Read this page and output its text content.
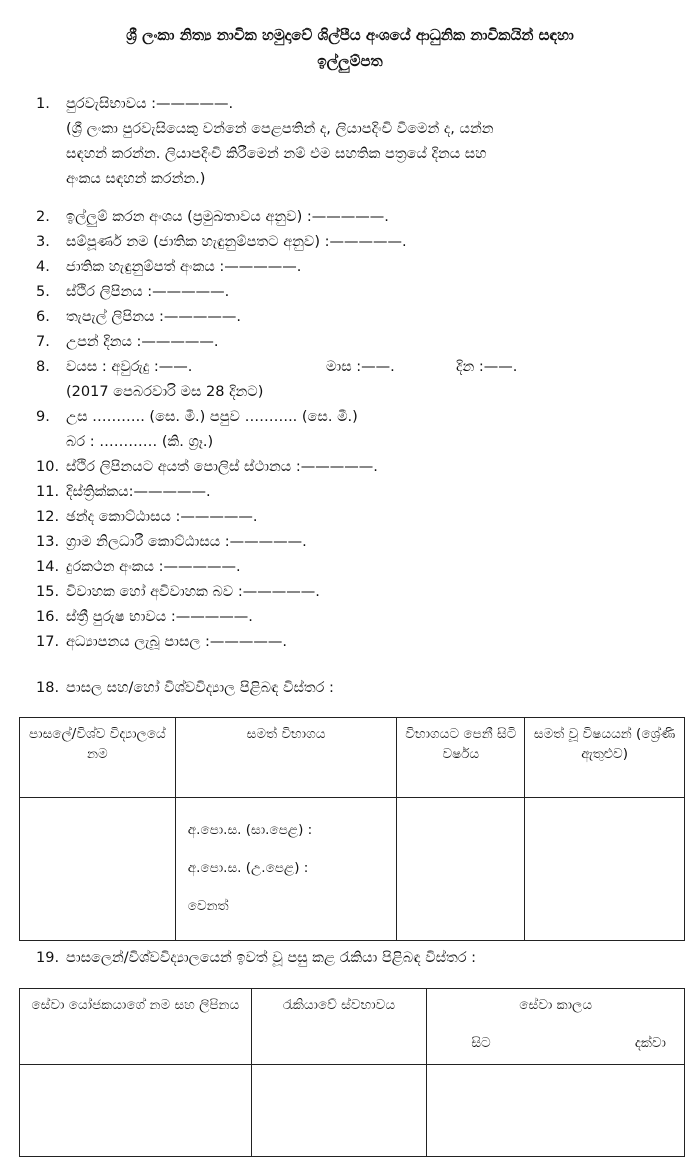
ශ්‍රී ලංකා නිත්‍ය නාවික හමුදාවේ ශිල්පීය අංශයේ ආධුනික නාවිකයින් සඳහා
ඉල්ලුම්පත
1. පුරවැසිභාවය :—————.
(ශ්‍රී ලංකා පුරවැසියෙකු වන්නේ පෙළපතින් ද, ලියාපදිංචි වීමෙන් ද, යන්න
සඳහන් කරන්න. ලියාපදිංචි කිරීමෙන් නම් එම සහතික පත්‍රයේ දිනය සහ
අංකය සඳහන් කරන්න.)
2. ඉල්ලුම් කරන අංශය (ප්‍රමුඛතාවය අනුව) :—————.
3. සම්පූර්ණ නම (ජාතික හැඳුනුම්පතට අනුව) :—————.
4. ජාතික හැඳුනුම්පත් අංකය :—————.
5. ස්ථිර ලිපිනය :—————.
6. තැපැල් ලිපිනය :—————.
7. උපන් දිනය :—————.
8. වයස : අවුරුදු :——.	මාස :——.	දින :——.
(2017 පෙබරවාරි මස 28 දිනට)
9. උස ……….. (සෙ. මී.) පපුව ……….. (සෙ. මී.)
බර : ………… (කි. ග්‍රෑ.)
10. ස්ථිර ලිපිනයට අයත් පොලිස් ස්ථානය :—————.
11. දිස්ත්‍රික්කය:—————.
12. ඡන්ද කොට්ඨාසය :—————.
13. ග්‍රාම නිලධාරී කොට්ඨාසය :—————.
14. දුරකථන අංකය :—————.
15. විවාහක හෝ අවිවාහක බව :—————.
16. ස්ත්‍රී පුරුෂ භාවය :—————.
17. අධ්‍යාපනය ලැබූ පාසල :—————.
18. පාසල සහ/හෝ විශ්වවිද්‍යාල පිළිබඳ විස්තර :
පාසලේ/විශ්ව විද්‍යාලයේ නම	සමත් විභාගය	විභාගයට පෙනී සිටි වර්ෂය	සමත් වූ විෂයයන් (ශ්‍රේණි ඇතුළුව)

	අ.පො.ස. (සා.පෙළ) :
අ.පො.ස. (උ.පෙළ) :
වෙනත්		

19. පාසලෙන්/විශ්වවිද්‍යාලයෙන් ඉවත් වූ පසු කළ රැකියා පිළිබඳ විස්තර :
සේවා යෝජකයාගේ නම සහ ලිපිනය	රැකියාවේ ස්වභාවය	සේවා කාලය
සිට දක්වා
